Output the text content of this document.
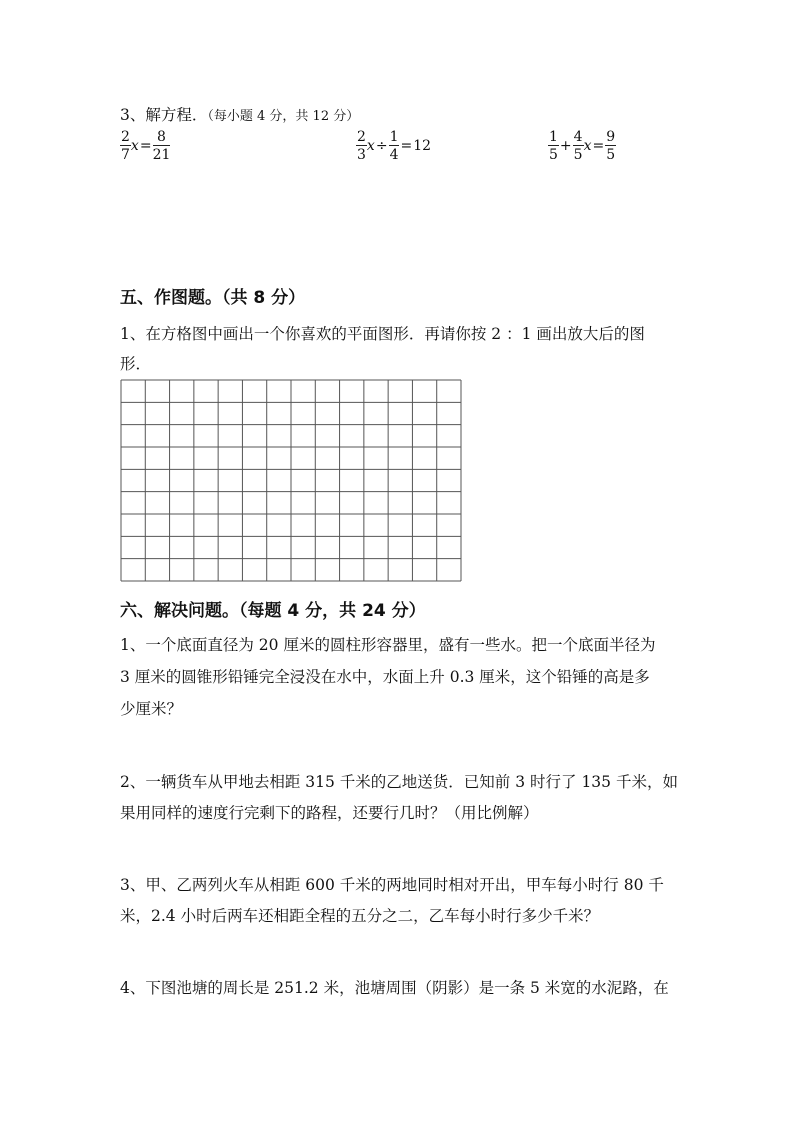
3、解方程．（每小题 4 分，共 12 分）
$\frac{2}{7} x= \frac{8}{21}$	$\frac{2}{3} x\div \frac{1}{4} =12$	$\frac{1}{5} + \frac{4}{5} x= \frac{9}{5}$
五、作图题。（共 8 分）
1、在方格图中画出一个你喜欢的平面图形．再请你按 2 ：1 画出放大后的图
形．
六、解决问题。（每题 4 分，共 24 分）
1、一个底面直径为 20 厘米的圆柱形容器里，盛有一些水。把一个底面半径为
3 厘米的圆锥形铅锤完全浸没在水中，水面上升 0.3 厘米，这个铅锤的高是多
少厘米？
2、一辆货车从甲地去相距 315 千米的乙地送货．已知前 3 时行了 135 千米，如
果用同样的速度行完剩下的路程，还要行几时？（用比例解）
3、甲、乙两列火车从相距 600 千米的两地同时相对开出，甲车每小时行 80 千
米，2.4 小时后两车还相距全程的五分之二，乙车每小时行多少千米？
4、下图池塘的周长是 251.2 米，池塘周围（阴影）是一条 5 米宽的水泥路，在
